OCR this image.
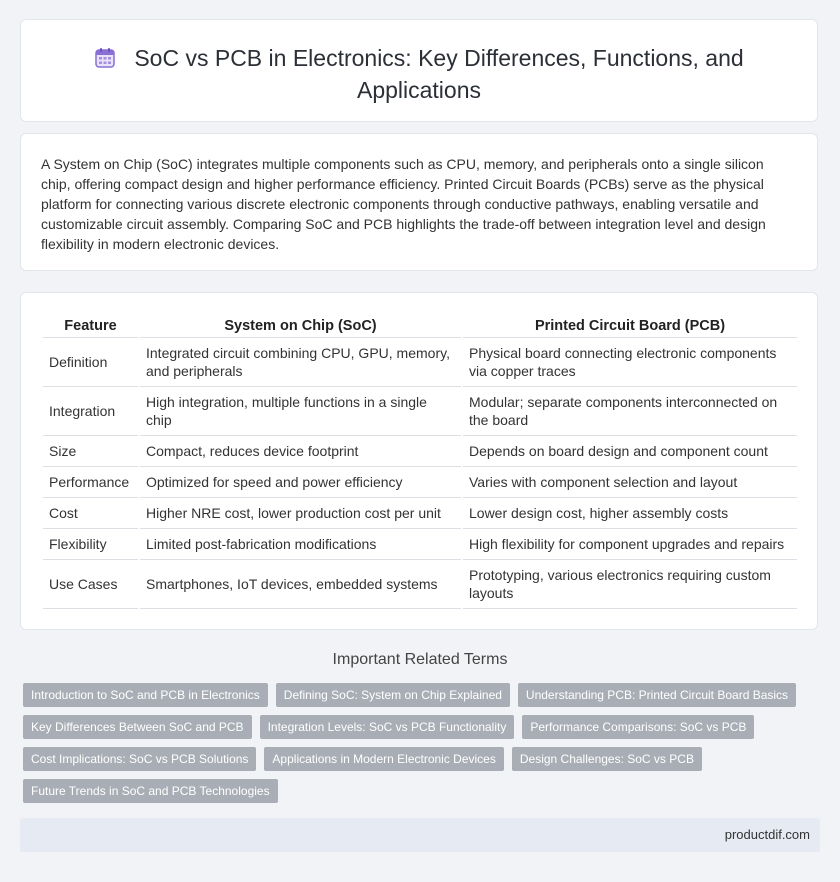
SoC vs PCB in Electronics: Key Differences, Functions, and Applications

A System on Chip (SoC) integrates multiple components such as CPU, memory, and peripherals onto a single silicon chip, offering compact design and higher performance efficiency. Printed Circuit Boards (PCBs) serve as the physical platform for connecting various discrete electronic components through conductive pathways, enabling versatile and customizable circuit assembly. Comparing SoC and PCB highlights the trade-off between integration level and design flexibility in modern electronic devices.

Feature	System on Chip (SoC)	Printed Circuit Board (PCB)
Definition	Integrated circuit combining CPU, GPU, memory, and peripherals	Physical board connecting electronic components via copper traces
Integration	High integration, multiple functions in a single chip	Modular; separate components interconnected on the board
Size	Compact, reduces device footprint	Depends on board design and component count
Performance	Optimized for speed and power efficiency	Varies with component selection and layout
Cost	Higher NRE cost, lower production cost per unit	Lower design cost, higher assembly costs
Flexibility	Limited post-fabrication modifications	High flexibility for component upgrades and repairs
Use Cases	Smartphones, IoT devices, embedded systems	Prototyping, various electronics requiring custom layouts
Important Related Terms
Introduction to SoC and PCB in Electronics	Defining SoC: System on Chip Explained	Understanding PCB: Printed Circuit Board Basics
Key Differences Between SoC and PCB	Integration Levels: SoC vs PCB Functionality	Performance Comparisons: SoC vs PCB
Cost Implications: SoC vs PCB Solutions	Applications in Modern Electronic Devices	Design Challenges: SoC vs PCB
Future Trends in SoC and PCB Technologies
productdif.com
